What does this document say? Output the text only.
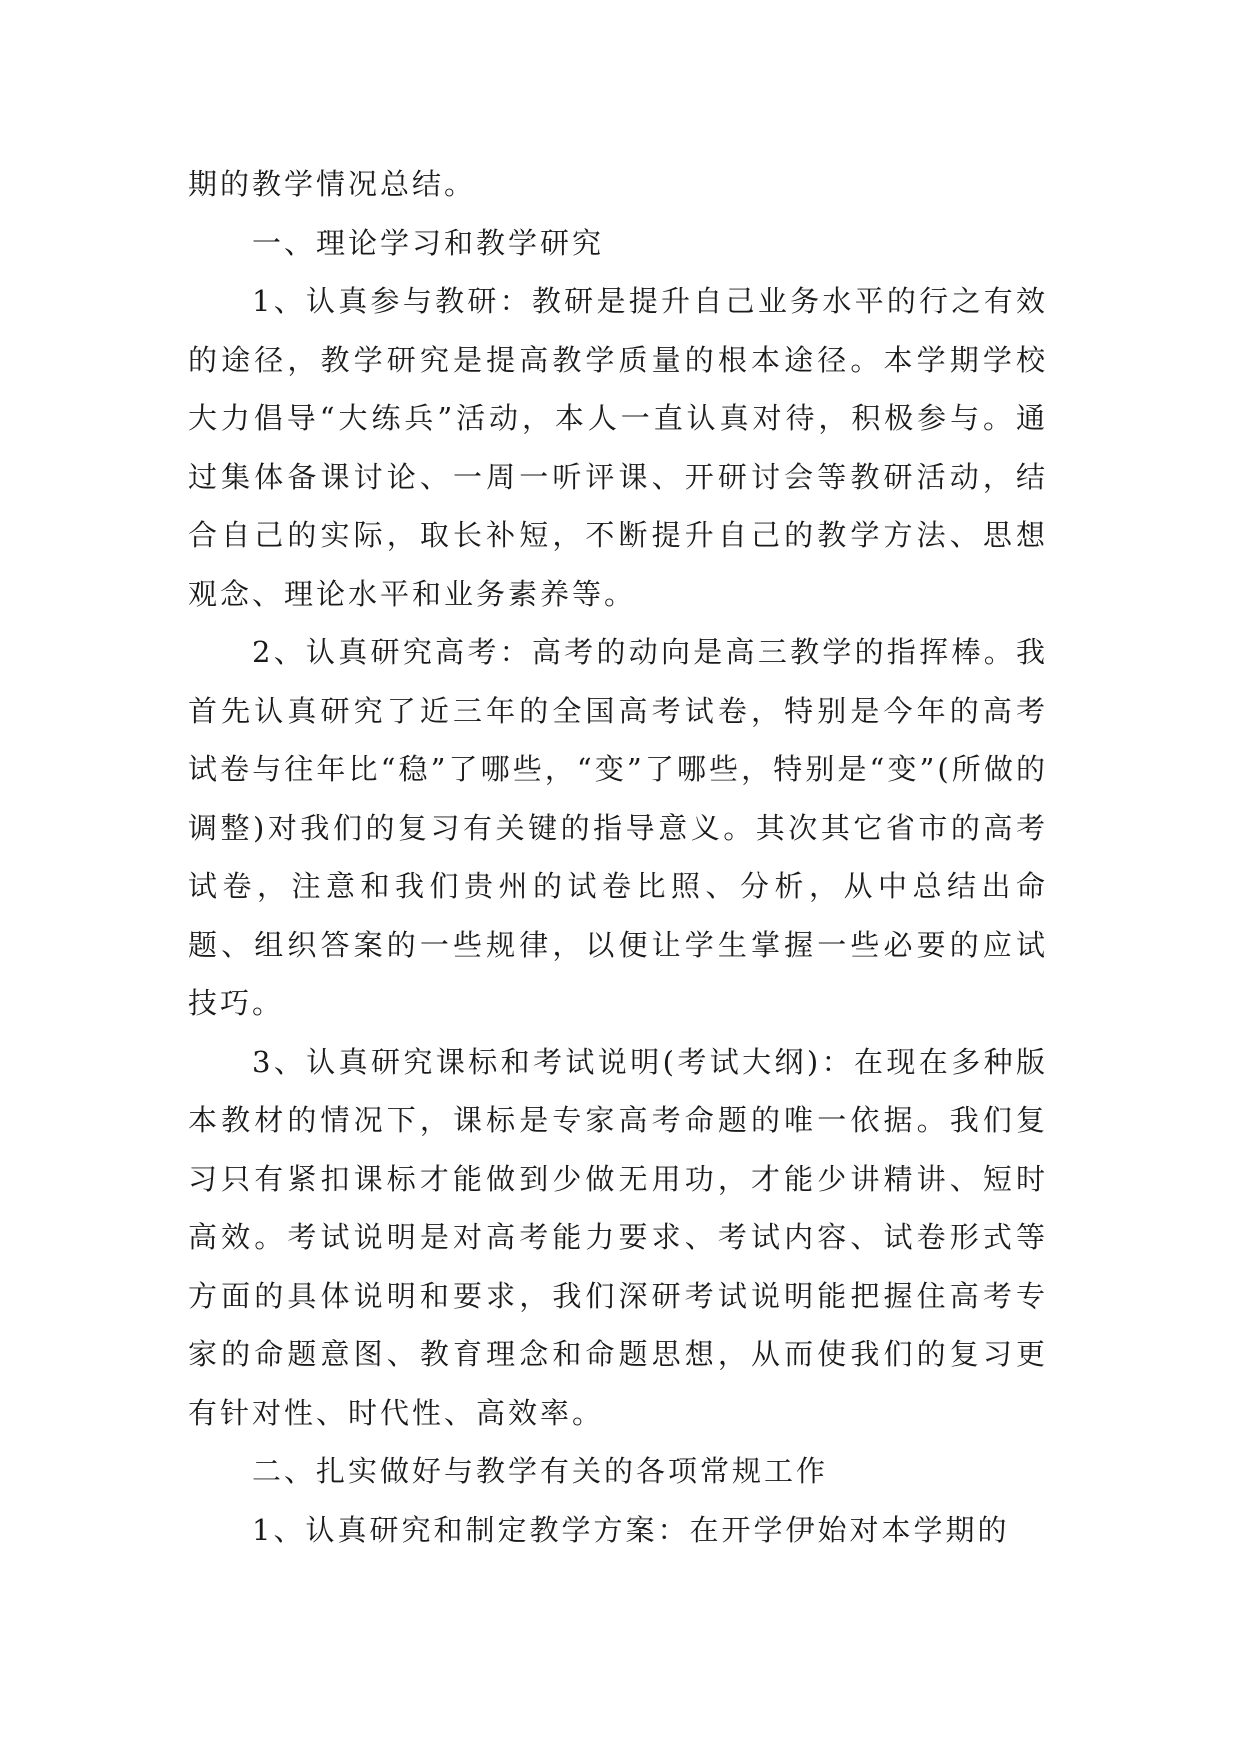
期的教学情况总结。

一、理论学习和教学研究

1、认真参与教研：教研是提升自己业务水平的行之有效的途径，教学研究是提高教学质量的根本途径。本学期学校大力倡导“大练兵”活动，本人一直认真对待，积极参与。通过集体备课讨论、一周一听评课、开研讨会等教研活动，结合自己的实际，取长补短，不断提升自己的教学方法、思想观念、理论水平和业务素养等。

2、认真研究高考：高考的动向是高三教学的指挥棒。我首先认真研究了近三年的全国高考试卷，特别是今年的高考试卷与往年比“稳”了哪些，“变”了哪些，特别是“变”(所做的调整)对我们的复习有关键的指导意义。其次其它省市的高考试卷，注意和我们贵州的试卷比照、分析，从中总结出命题、组织答案的一些规律，以便让学生掌握一些必要的应试技巧。

3、认真研究课标和考试说明(考试大纲)：在现在多种版本教材的情况下，课标是专家高考命题的唯一依据。我们复习只有紧扣课标才能做到少做无用功，才能少讲精讲、短时高效。考试说明是对高考能力要求、考试内容、试卷形式等方面的具体说明和要求，我们深研考试说明能把握住高考专家的命题意图、教育理念和命题思想，从而使我们的复习更有针对性、时代性、高效率。

二、扎实做好与教学有关的各项常规工作

1、认真研究和制定教学方案：在开学伊始对本学期的
